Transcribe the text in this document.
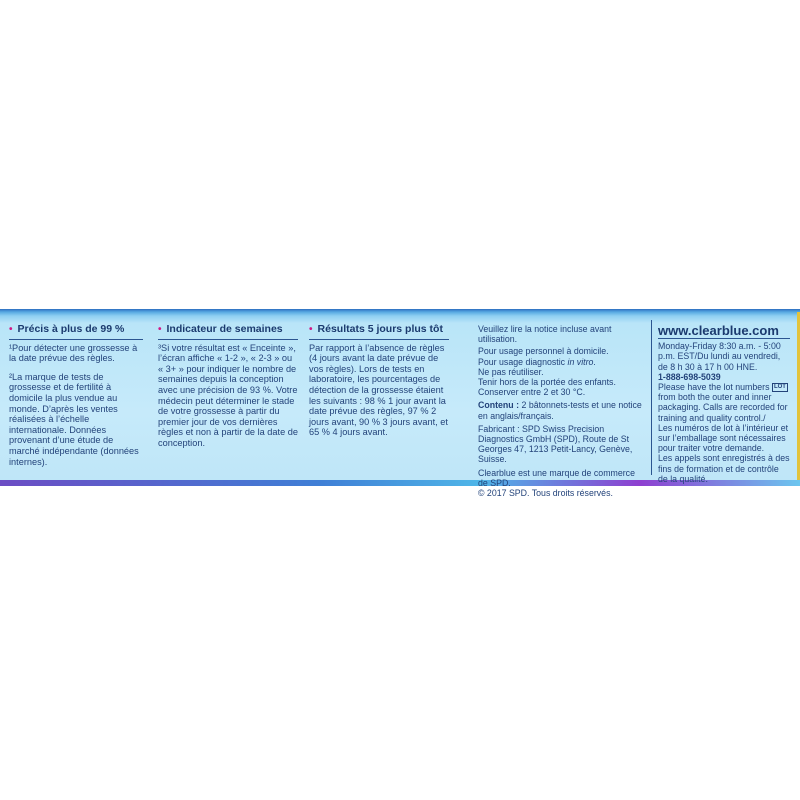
• Précis à plus de 99 %

¹Pour détecter une grossesse à la date prévue des règles.

²La marque de tests de grossesse et de fertilité à domicile la plus vendue au monde. D’après les ventes réalisées à l’échelle internationale. Données provenant d’une étude de marché indépendante (données internes).

• Indicateur de semaines

³Si votre résultat est « Enceinte », l’écran affiche « 1-2 », « 2-3 » ou « 3+ » pour indiquer le nombre de semaines depuis la conception avec une précision de 93 %. Votre médecin peut déterminer le stade de votre grossesse à partir du premier jour de vos dernières règles et non à partir de la date de conception.

• Résultats 5 jours plus tôt

Par rapport à l’absence de règles (4 jours avant la date prévue de vos règles). Lors de tests en laboratoire, les pourcentages de détection de la grossesse étaient les suivants : 98 % 1 jour avant la date prévue des règles, 97 % 2 jours avant, 90 % 3 jours avant, et 65 % 4 jours avant.

Veuillez lire la notice incluse avant utilisation.

Pour usage personnel à domicile.

Pour usage diagnostic in vitro.

Ne pas réutiliser.

Tenir hors de la portée des enfants.

Conserver entre 2 et 30 °C.

Contenu : 2 bâtonnets-tests et une notice en anglais/français.

Fabricant : SPD Swiss Precision Diagnostics GmbH (SPD), Route de St Georges 47, 1213 Petit-Lancy, Genève, Suisse.

Clearblue est une marque de commerce de SPD.

© 2017 SPD. Tous droits réservés.

www.clearblue.com

Monday-Friday 8:30 a.m. - 5:00 p.m. EST/Du lundi au vendredi, de 8 h 30 à 17 h 00 HNE.

1-888-698-5039

Please have the lot numbers LOT from both the outer and inner packaging. Calls are recorded for training and quality control./

Les numéros de lot à l’intérieur et sur l’emballage sont nécessaires pour traiter votre demande.

Les appels sont enregistrés à des fins de formation et de contrôle de la qualité.
